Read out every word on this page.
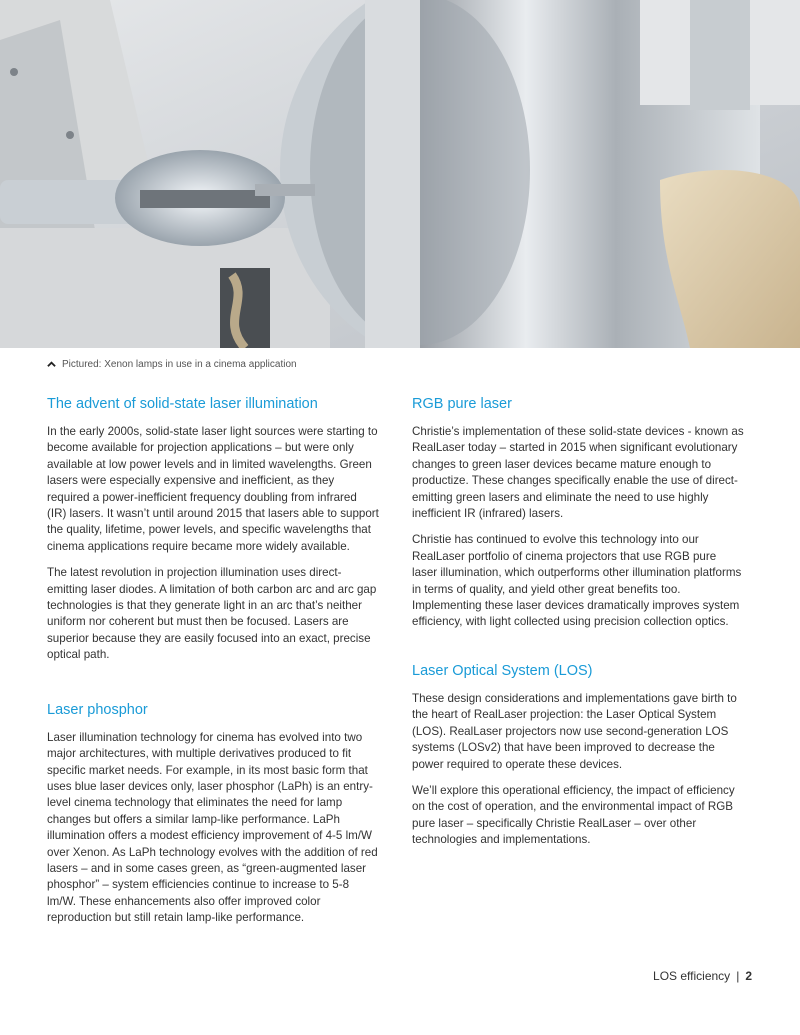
Pictured: Xenon lamps in use in a cinema application
The advent of solid-state laser illumination

In the early 2000s, solid-state laser light sources were starting to become available for projection applications – but were only available at low power levels and in limited wavelengths. Green lasers were especially expensive and inefficient, as they required a power-inefficient frequency doubling from infrared (IR) lasers. It wasn’t until around 2015 that lasers able to support the quality, lifetime, power levels, and specific wavelengths that cinema applications require became more widely available.

The latest revolution in projection illumination uses direct-emitting laser diodes. A limitation of both carbon arc and arc gap technologies is that they generate light in an arc that’s neither uniform nor coherent but must then be focused. Lasers are superior because they are easily focused into an exact, precise optical path.

Laser phosphor

Laser illumination technology for cinema has evolved into two major architectures, with multiple derivatives produced to fit specific market needs. For example, in its most basic form that uses blue laser devices only, laser phosphor (LaPh) is an entry-level cinema technology that eliminates the need for lamp changes but offers a similar lamp-like performance. LaPh illumination offers a modest efficiency improvement of 4-5 lm/W over Xenon. As LaPh technology evolves with the addition of red lasers – and in some cases green, as “green-augmented laser phosphor” – system efficiencies continue to increase to 5-8 lm/W. These enhancements also offer improved color reproduction but still retain lamp-like performance.

RGB pure laser

Christie’s implementation of these solid-state devices - known as RealLaser today – started in 2015 when significant evolutionary changes to green laser devices became mature enough to productize. These changes specifically enable the use of direct-emitting green lasers and eliminate the need to use highly inefficient IR (infrared) lasers.

Christie has continued to evolve this technology into our RealLaser portfolio of cinema projectors that use RGB pure laser illumination, which outperforms other illumination platforms in terms of quality, and yield other great benefits too. Implementing these laser devices dramatically improves system efficiency, with light collected using precision collection optics.

Laser Optical System (LOS)

These design considerations and implementations gave birth to the heart of RealLaser projection: the Laser Optical System (LOS). RealLaser projectors now use second-generation LOS systems (LOSv2) that have been improved to decrease the power required to operate these devices.

We’ll explore this operational efficiency, the impact of efficiency on the cost of operation, and the environmental impact of RGB pure laser – specifically Christie RealLaser – over other technologies and implementations.

LOS efficiency | 2
